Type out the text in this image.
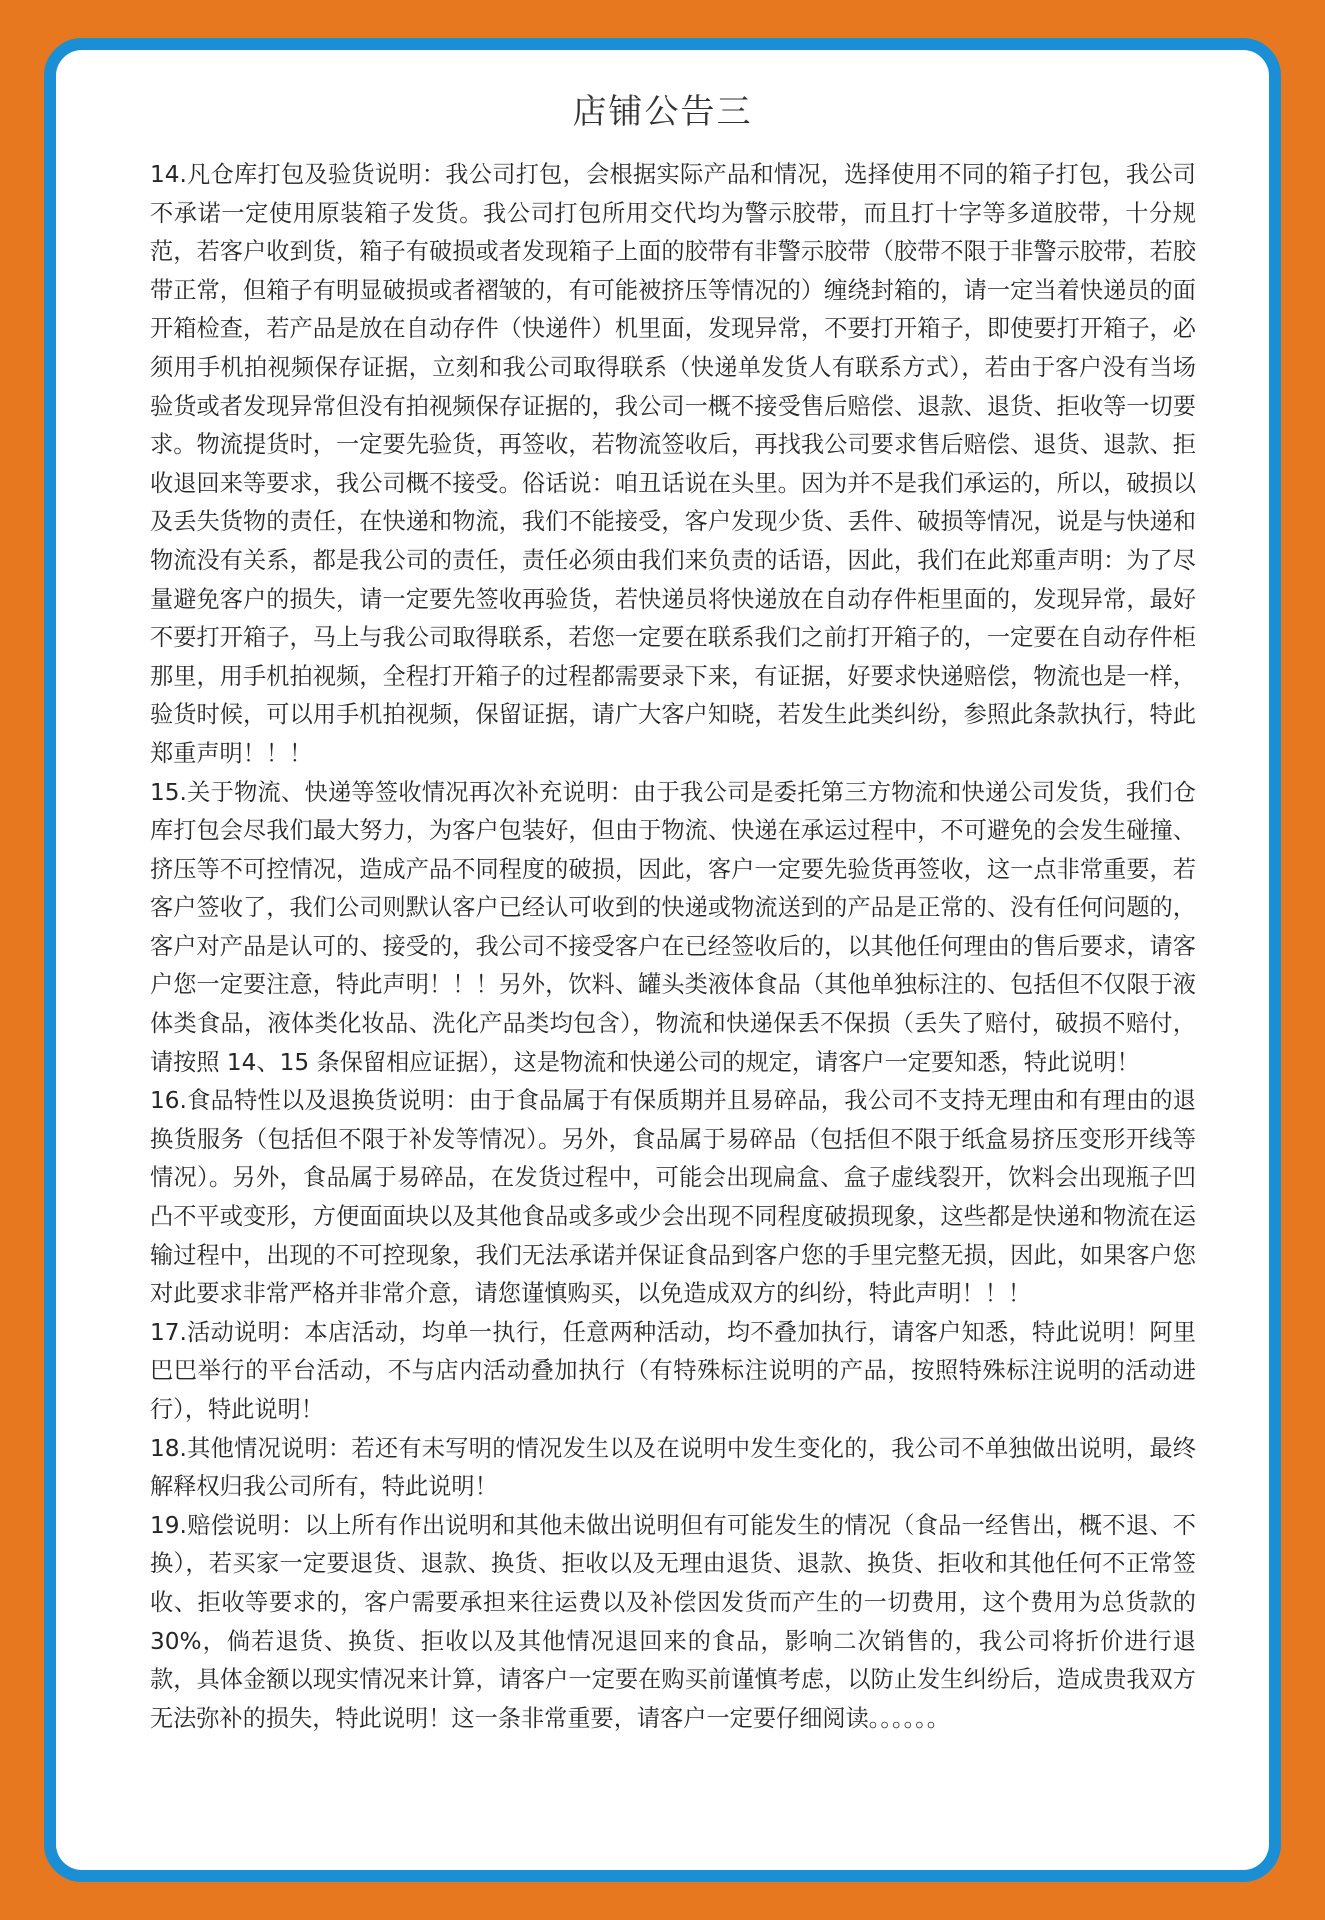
店铺公告三

14.凡仓库打包及验货说明：我公司打包，会根据实际产品和情况，选择使用不同的箱子打包，我公司不承诺一定使用原装箱子发货。我公司打包所用交代均为警示胶带，而且打十字等多道胶带，十分规范，若客户收到货，箱子有破损或者发现箱子上面的胶带有非警示胶带（胶带不限于非警示胶带，若胶带正常，但箱子有明显破损或者褶皱的，有可能被挤压等情况的）缠绕封箱的，请一定当着快递员的面开箱检查，若产品是放在自动存件（快递件）机里面，发现异常，不要打开箱子，即使要打开箱子，必须用手机拍视频保存证据，立刻和我公司取得联系（快递单发货人有联系方式），若由于客户没有当场验货或者发现异常但没有拍视频保存证据的，我公司一概不接受售后赔偿、退款、退货、拒收等一切要求。物流提货时，一定要先验货，再签收，若物流签收后，再找我公司要求售后赔偿、退货、退款、拒收退回来等要求，我公司概不接受。俗话说：咱丑话说在头里。因为并不是我们承运的，所以，破损以及丢失货物的责任，在快递和物流，我们不能接受，客户发现少货、丢件、破损等情况，说是与快递和物流没有关系，都是我公司的责任，责任必须由我们来负责的话语，因此，我们在此郑重声明：为了尽量避免客户的损失，请一定要先签收再验货，若快递员将快递放在自动存件柜里面的，发现异常，最好不要打开箱子，马上与我公司取得联系，若您一定要在联系我们之前打开箱子的，一定要在自动存件柜那里，用手机拍视频，全程打开箱子的过程都需要录下来，有证据，好要求快递赔偿，物流也是一样，验货时候，可以用手机拍视频，保留证据，请广大客户知晓，若发生此类纠纷，参照此条款执行，特此郑重声明！！！

15.关于物流、快递等签收情况再次补充说明：由于我公司是委托第三方物流和快递公司发货，我们仓库打包会尽我们最大努力，为客户包装好，但由于物流、快递在承运过程中，不可避免的会发生碰撞、挤压等不可控情况，造成产品不同程度的破损，因此，客户一定要先验货再签收，这一点非常重要，若客户签收了，我们公司则默认客户已经认可收到的快递或物流送到的产品是正常的、没有任何问题的，客户对产品是认可的、接受的，我公司不接受客户在已经签收后的，以其他任何理由的售后要求，请客户您一定要注意，特此声明！！！另外，饮料、罐头类液体食品（其他单独标注的、包括但不仅限于液体类食品，液体类化妆品、洗化产品类均包含），物流和快递保丢不保损（丢失了赔付，破损不赔付，请按照 14、15 条保留相应证据），这是物流和快递公司的规定，请客户一定要知悉，特此说明！

16.食品特性以及退换货说明：由于食品属于有保质期并且易碎品，我公司不支持无理由和有理由的退换货服务（包括但不限于补发等情况）。另外，食品属于易碎品（包括但不限于纸盒易挤压变形开线等情况）。另外，食品属于易碎品，在发货过程中，可能会出现扁盒、盒子虚线裂开，饮料会出现瓶子凹凸不平或变形，方便面面块以及其他食品或多或少会出现不同程度破损现象，这些都是快递和物流在运输过程中，出现的不可控现象，我们无法承诺并保证食品到客户您的手里完整无损，因此，如果客户您对此要求非常严格并非常介意，请您谨慎购买，以免造成双方的纠纷，特此声明！！！

17.活动说明：本店活动，均单一执行，任意两种活动，均不叠加执行，请客户知悉，特此说明！阿里巴巴举行的平台活动，不与店内活动叠加执行（有特殊标注说明的产品，按照特殊标注说明的活动进行），特此说明！

18.其他情况说明：若还有未写明的情况发生以及在说明中发生变化的，我公司不单独做出说明，最终解释权归我公司所有，特此说明！

19.赔偿说明：以上所有作出说明和其他未做出说明但有可能发生的情况（食品一经售出，概不退、不换），若买家一定要退货、退款、换货、拒收以及无理由退货、退款、换货、拒收和其他任何不正常签收、拒收等要求的，客户需要承担来往运费以及补偿因发货而产生的一切费用，这个费用为总货款的 30%，倘若退货、换货、拒收以及其他情况退回来的食品，影响二次销售的，我公司将折价进行退款，具体金额以现实情况来计算，请客户一定要在购买前谨慎考虑，以防止发生纠纷后，造成贵我双方无法弥补的损失，特此说明！这一条非常重要，请客户一定要仔细阅读。。。。。。
